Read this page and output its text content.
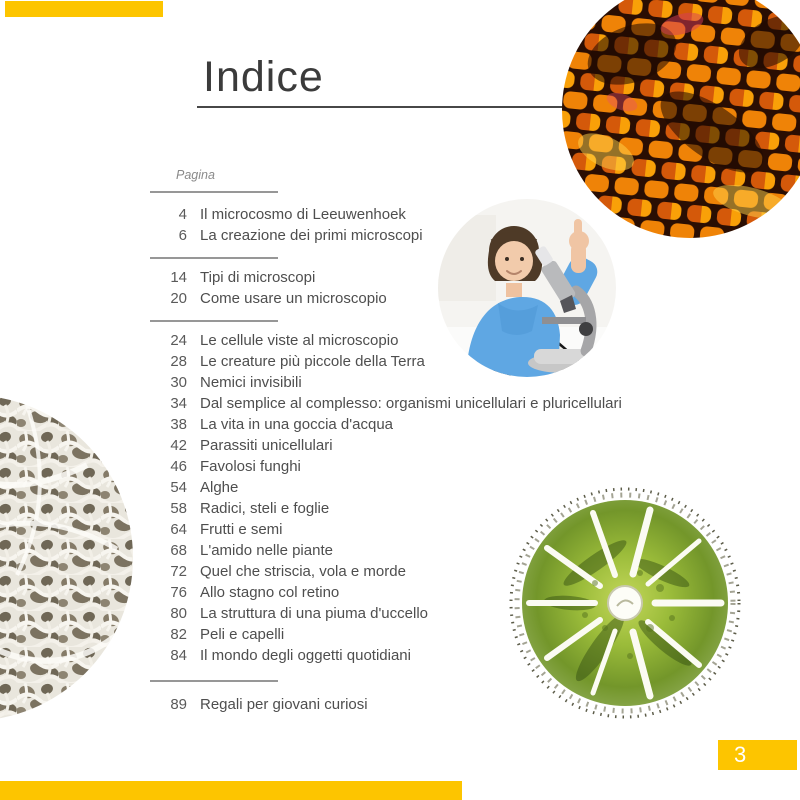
Indice
Pagina
4 Il microcosmo di Leeuwenhoek
6 La creazione dei primi microscopi
14 Tipi di microscopi
20 Come usare un microscopio
24 Le cellule viste al microscopio
28 Le creature più piccole della Terra
30 Nemici invisibili
34 Dal semplice al complesso: organismi unicellulari e pluricellulari
38 La vita in una goccia d'acqua
42 Parassiti unicellulari
46 Favolosi funghi
54 Alghe
58 Radici, steli e foglie
64 Frutti e semi
68 L'amido nelle piante
72 Quel che striscia, vola e morde
76 Allo stagno col retino
80 La struttura di una piuma d'uccello
82 Peli e capelli
84 Il mondo degli oggetti quotidiani
89 Regali per giovani curiosi
3
